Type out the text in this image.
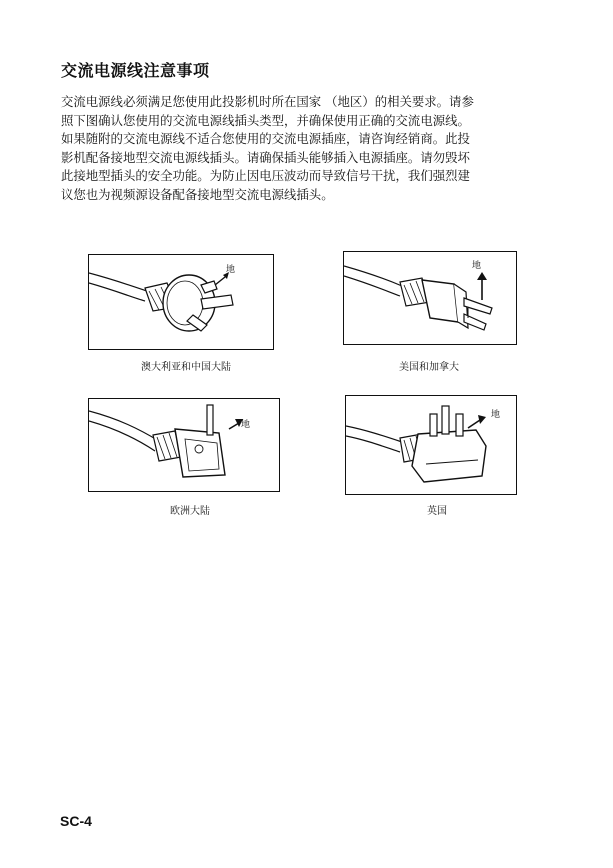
交流电源线注意事项

交流电源线必须满足您使用此投影机时所在国家 （地区）的相关要求。请参

照下图确认您使用的交流电源线插头类型，并确保使用正确的交流电源线。

如果随附的交流电源线不适合您使用的交流电源插座，请咨询经销商。此投

影机配备接地型交流电源线插头。请确保插头能够插入电源插座。请勿毁坏

此接地型插头的安全功能。为防止因电压波动而导致信号干扰，我们强烈建

议您也为视频源设备配备接地型交流电源线插头。

地
澳大利亚和中国大陆
地
美国和加拿大
地
欧洲大陆
地
英国
SC-4
